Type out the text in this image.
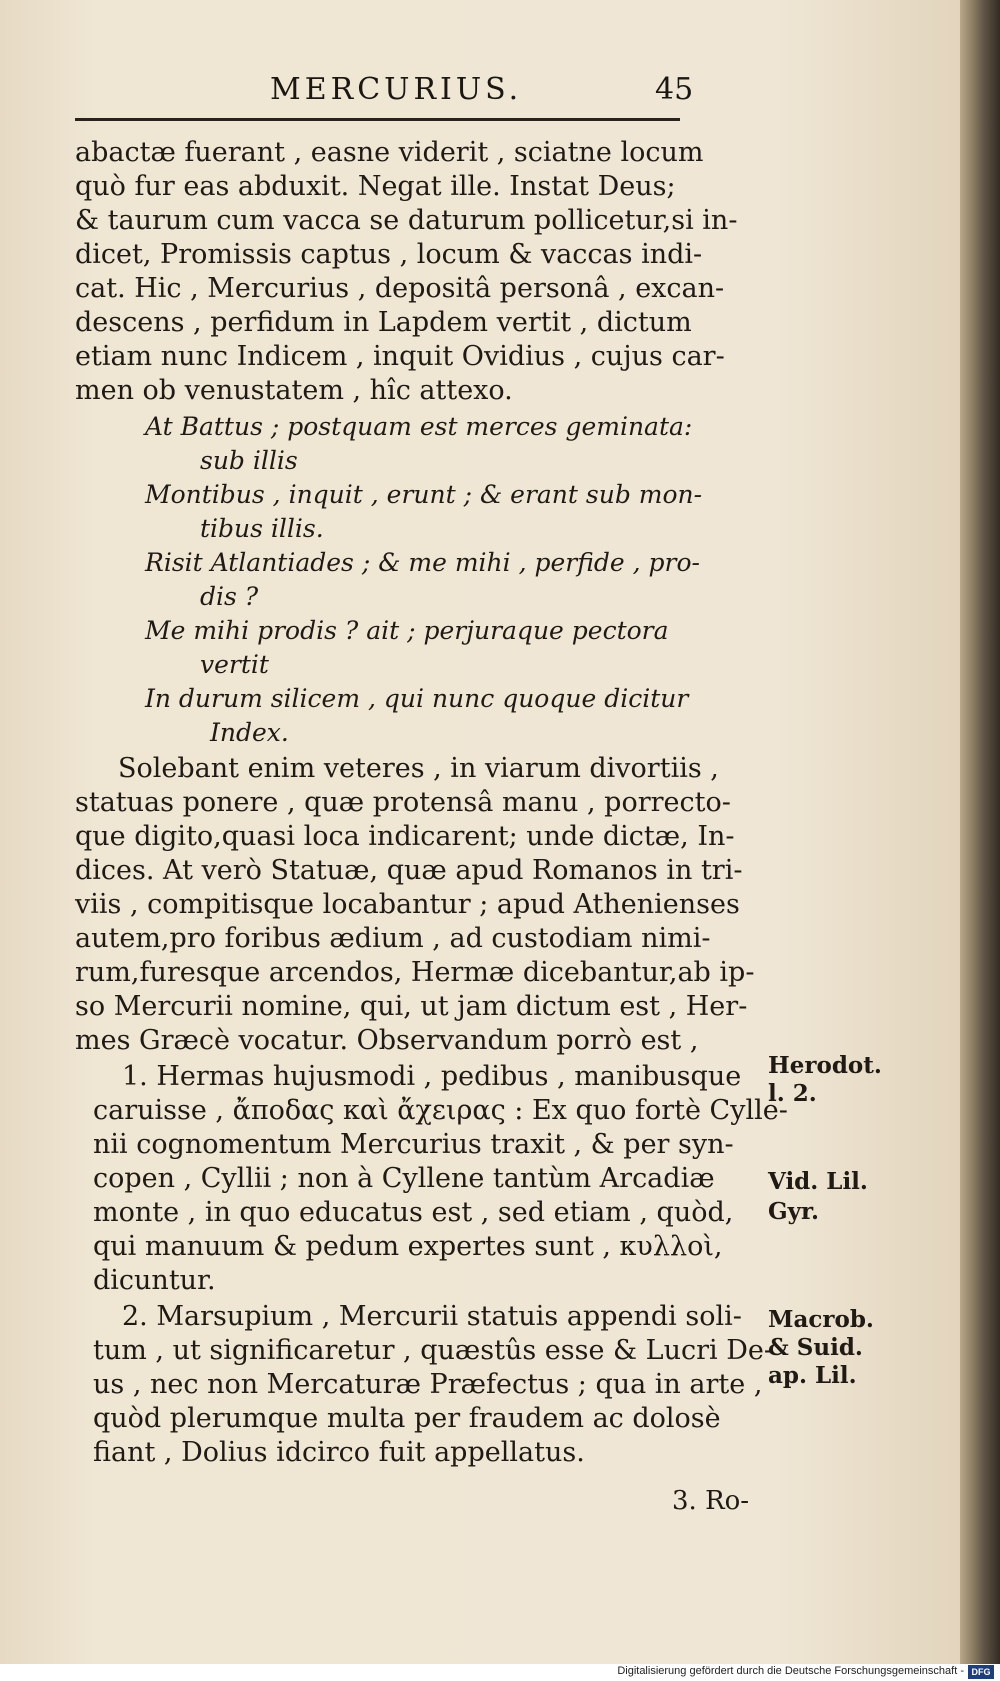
MERCURIUS.	45
abactæ fuerant , easne viderit , sciatne locum
quò fur eas abduxit. Negat ille. Instat Deus;
& taurum cum vacca se daturum pollicetur,si in-
dicet, Promissis captus , locum & vaccas indi-
cat. Hic , Mercurius , depositâ personâ , excan-
descens , perfidum in Lapdem vertit , dictum
etiam nunc Indicem , inquit Ovidius , cujus car-
men ob venustatem , hîc attexo.
At Battus ; postquam est merces geminata:
sub illis
Montibus , inquit , erunt ; & erant sub mon-
tibus illis.
Risit Atlantiades ; & me mihi , perfide , pro-
dis ?
Me mihi prodis ? ait ; perjuraque pectora
vertit
In durum silicem , qui nunc quoque dicitur
Index.
Solebant enim veteres , in viarum divortiis ,
statuas ponere , quæ protensâ manu , porrecto-
que digito,quasi loca indicarent; unde dictæ, In-
dices. At verò Statuæ, quæ apud Romanos in tri-
viis , compitisque locabantur ; apud Athenienses
autem,pro foribus ædium , ad custodiam nimi-
rum,furesque arcendos, Hermæ dicebantur,ab ip-
so Mercurii nomine, qui, ut jam dictum est , Her-
mes Græcè vocatur. Observandum porrò est ,
1. Hermas hujusmodi , pedibus , manibusque
caruisse , ἄποδας καὶ ἄχειρας : Ex quo fortè Cylle-
nii cognomentum Mercurius traxit , & per syn-
copen , Cyllii ; non à Cyllene tantùm Arcadiæ
monte , in quo educatus est , sed etiam , quòd,
qui manuum & pedum expertes sunt , κυλλοὶ,
dicuntur.
2. Marsupium , Mercurii statuis appendi soli-
tum , ut significaretur , quæstûs esse & Lucri De-
us , nec non Mercaturæ Præfectus ; qua in arte ,
quòd plerumque multa per fraudem ac dolosè
fiant , Dolius idcirco fuit appellatus.
Herodot.
l. 2.
Vid. Lil.
Gyr.
Macrob.
& Suid.
ap. Lil.
3. Ro-
Digitalisierung gefördert durch die Deutsche Forschungsgemeinschaft - DFG
